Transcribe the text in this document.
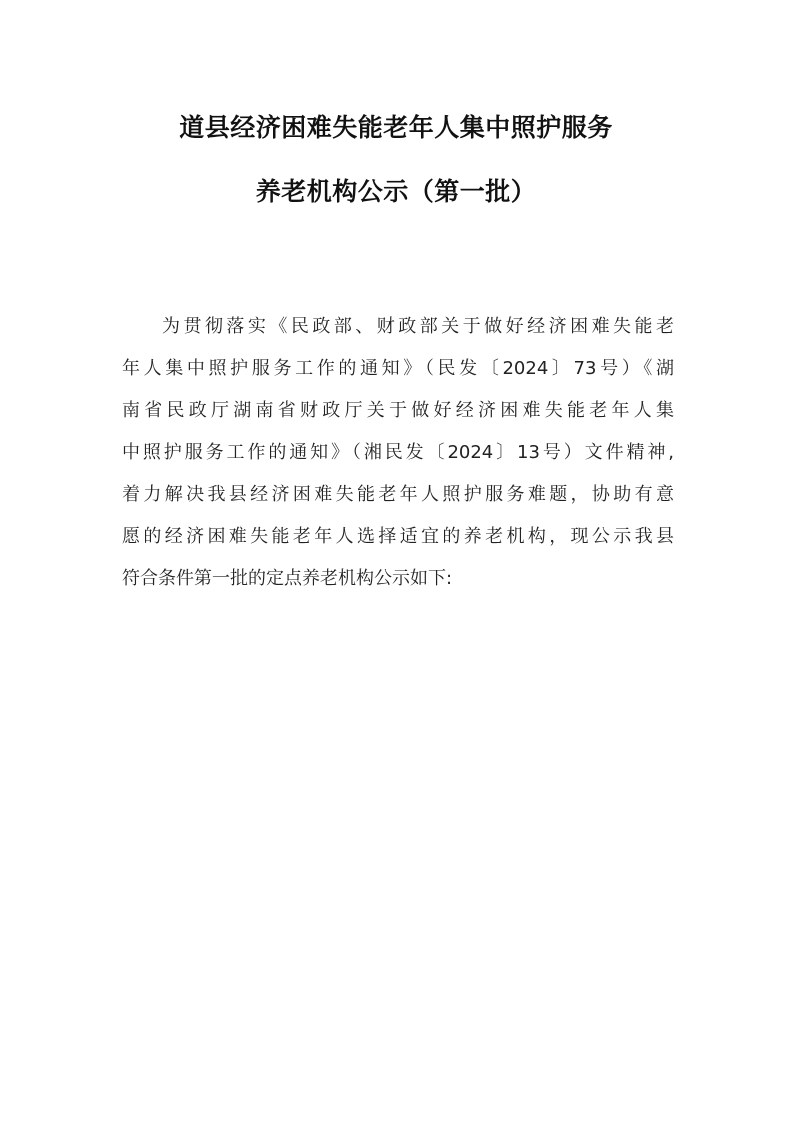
道县经济困难失能老年人集中照护服务
养老机构公示（第一批）
为贯彻落实《民政部、财政部关于做好经济困难失能老
年人集中照护服务工作的通知》（民发〔2024〕73号）《湖
南省民政厅湖南省财政厅关于做好经济困难失能老年人集
中照护服务工作的通知》（湘民发〔2024〕13号）文件精神,
着力解决我县经济困难失能老年人照护服务难题，协助有意
愿的经济困难失能老年人选择适宜的养老机构，现公示我县
符合条件第一批的定点养老机构公示如下:
